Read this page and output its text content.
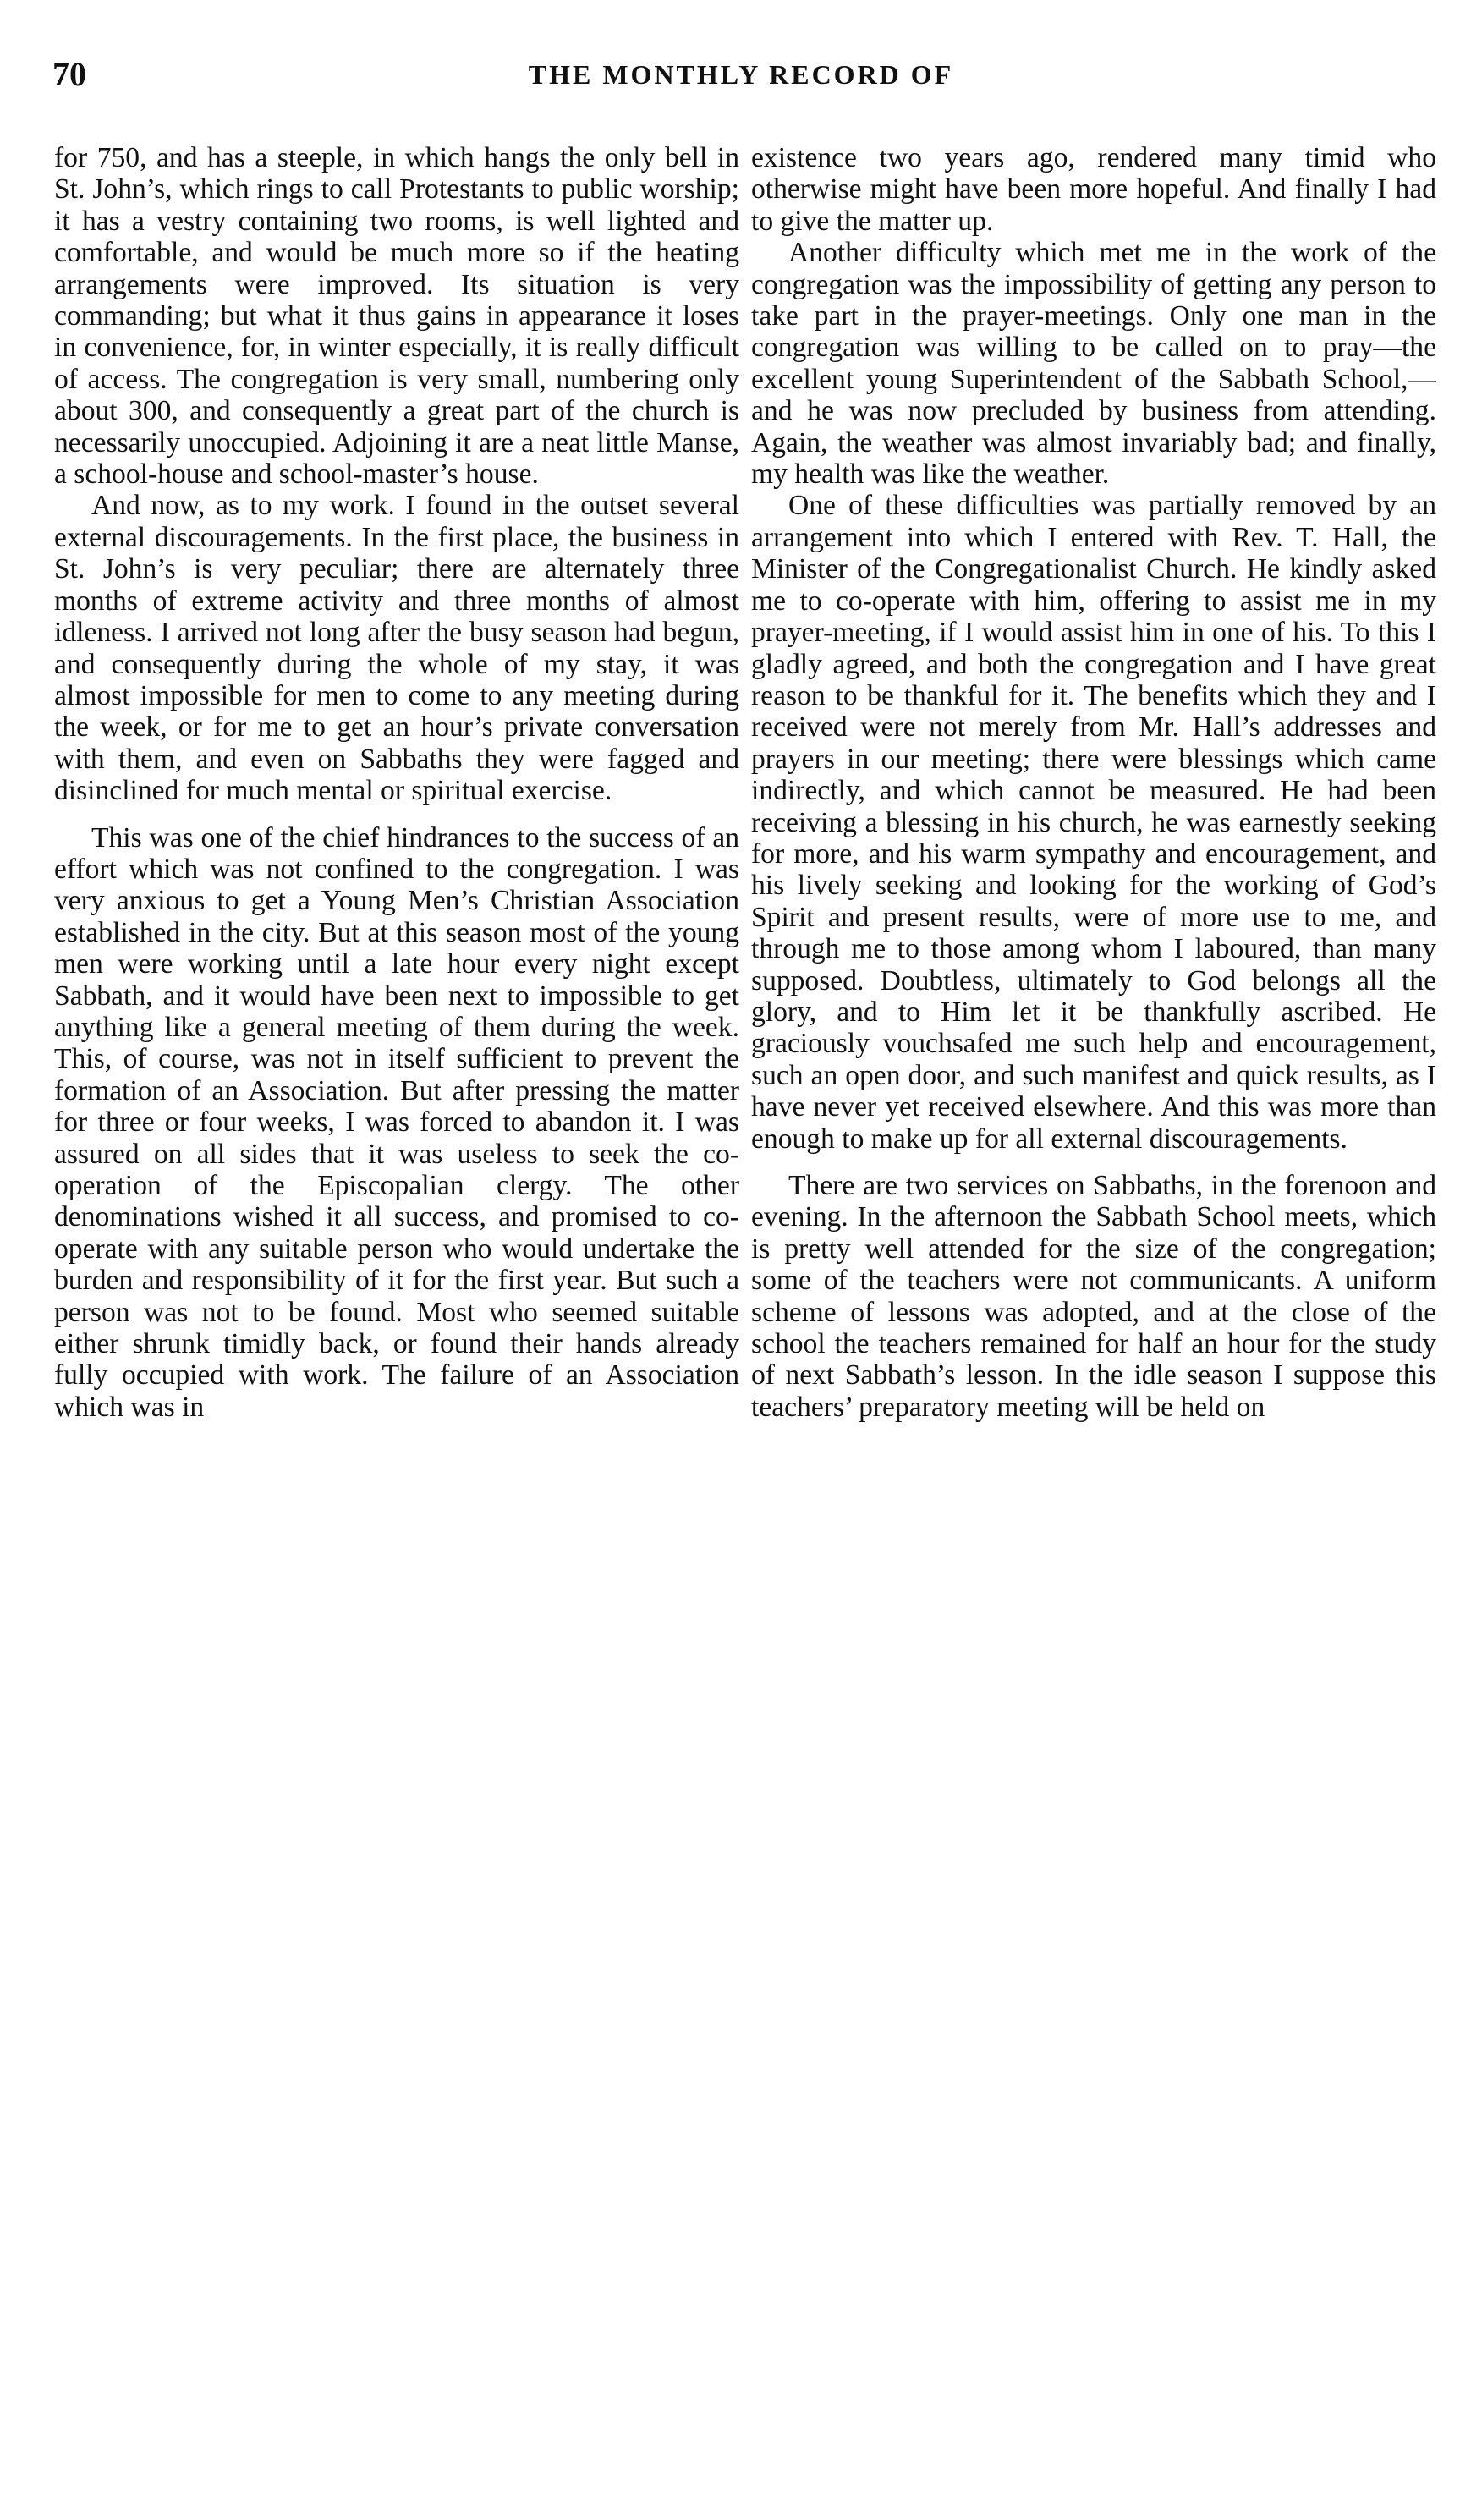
70	THE MONTHLY RECORD OF

for 750, and has a steeple, in which hangs the only bell in St. John’s, which rings to call Protestants to public worship; it has a vestry containing two rooms, is well lighted and comfortable, and would be much more so if the heating arrangements were improved. Its situation is very commanding; but what it thus gains in appearance it loses in convenience, for, in winter especially, it is really difficult of access. The congregation is very small, numbering only about 300, and consequently a great part of the church is necessarily unoccupied. Adjoining it are a neat little Manse, a school-house and school-master’s house.

And now, as to my work. I found in the outset several external discouragements. In the first place, the business in St. John’s is very peculiar; there are alternately three months of extreme activity and three months of almost idleness. I arrived not long after the busy season had begun, and consequently during the whole of my stay, it was almost impossible for men to come to any meeting during the week, or for me to get an hour’s private conversation with them, and even on Sabbaths they were fagged and disinclined for much mental or spiritual exercise.

This was one of the chief hindrances to the success of an effort which was not confined to the congregation. I was very anxious to get a Young Men’s Christian Association established in the city. But at this season most of the young men were working until a late hour every night except Sabbath, and it would have been next to impossible to get anything like a general meeting of them during the week. This, of course, was not in itself sufficient to prevent the formation of an Association. But after pressing the matter for three or four weeks, I was forced to abandon it. I was assured on all sides that it was useless to seek the co-operation of the Episcopalian clergy. The other denominations wished it all success, and promised to co-operate with any suitable person who would undertake the burden and responsibility of it for the first year. But such a person was not to be found. Most who seemed suitable either shrunk timidly back, or found their hands already fully occupied with work. The failure of an Association which was in

existence two years ago, rendered many timid who otherwise might have been more hopeful. And finally I had to give the matter up.

Another difficulty which met me in the work of the congregation was the impossibility of getting any person to take part in the prayer-meetings. Only one man in the congregation was willing to be called on to pray—the excellent young Superintendent of the Sabbath School,—and he was now precluded by business from attending. Again, the weather was almost invariably bad; and finally, my health was like the weather.

One of these difficulties was partially removed by an arrangement into which I entered with Rev. T. Hall, the Minister of the Congregationalist Church. He kindly asked me to co-operate with him, offering to assist me in my prayer-meeting, if I would assist him in one of his. To this I gladly agreed, and both the congregation and I have great reason to be thankful for it. The benefits which they and I received were not merely from Mr. Hall’s addresses and prayers in our meeting; there were blessings which came indirectly, and which cannot be measured. He had been receiving a blessing in his church, he was earnestly seeking for more, and his warm sympathy and encouragement, and his lively seeking and looking for the working of God’s Spirit and present results, were of more use to me, and through me to those among whom I laboured, than many supposed. Doubtless, ultimately to God belongs all the glory, and to Him let it be thankfully ascribed. He graciously vouchsafed me such help and encouragement, such an open door, and such manifest and quick results, as I have never yet received elsewhere. And this was more than enough to make up for all external discouragements.

There are two services on Sabbaths, in the forenoon and evening. In the afternoon the Sabbath School meets, which is pretty well attended for the size of the congregation; some of the teachers were not communicants. A uniform scheme of lessons was adopted, and at the close of the school the teachers remained for half an hour for the study of next Sabbath’s lesson. In the idle season I suppose this teachers’ preparatory meeting will be held on
